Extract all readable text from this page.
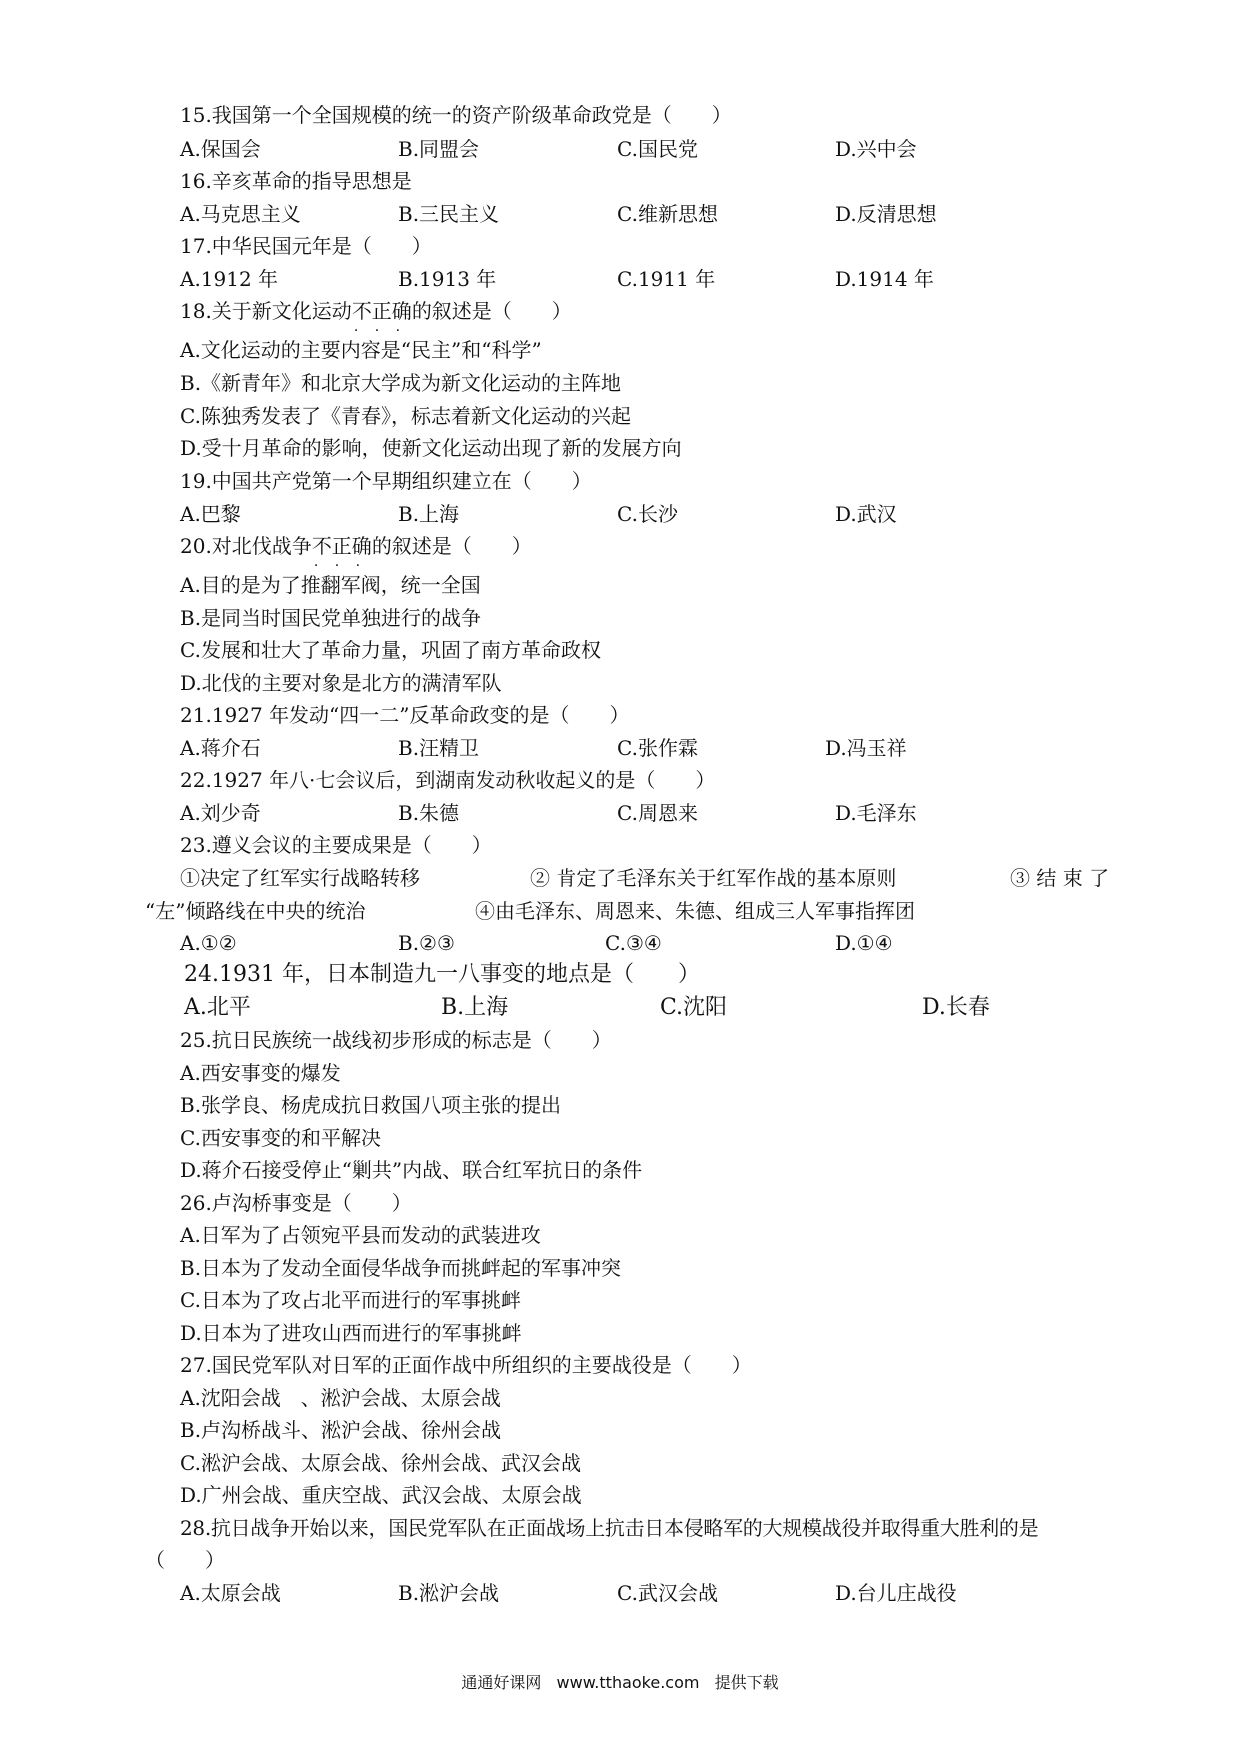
15.我国第一个全国规模的统一的资产阶级革命政党是（　　）
A.保国会	B.同盟会	C.国民党	D.兴中会
16.辛亥革命的指导思想是
A.马克思主义	B.三民主义	C.维新思想	D.反清思想
17.中华民国元年是（　　）
A.1912 年	B.1913 年	C.1911 年	D.1914 年
18.关于新文化运动不正确 · · ·的叙述是（　　）
A.文化运动的主要内容是“民主”和“科学”
B.《新青年》和北京大学成为新文化运动的主阵地
C.陈独秀发表了《青春》，标志着新文化运动的兴起
D.受十月革命的影响，使新文化运动出现了新的发展方向
19.中国共产党第一个早期组织建立在（　　）
A.巴黎	B.上海	C.长沙	D.武汉
20.对北伐战争不正确 · · ·的叙述是（　　）
A.目的是为了推翻军阀，统一全国
B.是同当时国民党单独进行的战争
C.发展和壮大了革命力量，巩固了南方革命政权
D.北伐的主要对象是北方的满清军队
21.1927 年发动“四一二”反革命政变的是（　　）
A.蒋介石	B.汪精卫	C.张作霖	D.冯玉祥
22.1927 年八·七会议后，到湖南发动秋收起义的是（　　）
A.刘少奇	B.朱德	C.周恩来	D.毛泽东
23.遵义会议的主要成果是（　　）
①决定了红军实行战略转移	② 肯定了毛泽东关于红军作战的基本原则	③ 结 束 了
“左”倾路线在中央的统治	④由毛泽东、周恩来、朱德、组成三人军事指挥团
A.①②	B.②③	C.③④	D.①④
24.1931 年，日本制造九一八事变的地点是（　　）
A.北平	B.上海	C.沈阳	D.长春
25.抗日民族统一战线初步形成的标志是（　　）
A.西安事变的爆发
B.张学良、杨虎成抗日救国八项主张的提出
C.西安事变的和平解决
D.蒋介石接受停止“剿共”内战、联合红军抗日的条件
26.卢沟桥事变是（　　）
A.日军为了占领宛平县而发动的武装进攻
B.日本为了发动全面侵华战争而挑衅起的军事冲突
C.日本为了攻占北平而进行的军事挑衅
D.日本为了进攻山西而进行的军事挑衅
27.国民党军队对日军的正面作战中所组织的主要战役是（　　）
A.沈阳会战　、淞沪会战、太原会战
B.卢沟桥战斗、淞沪会战、徐州会战
C.淞沪会战、太原会战、徐州会战、武汉会战
D.广州会战、重庆空战、武汉会战、太原会战
28.抗日战争开始以来，国民党军队在正面战场上抗击日本侵略军的大规模战役并取得重大胜利的是
（　　）
A.太原会战	B.淞沪会战	C.武汉会战	D.台儿庄战役
通通好课网 www.tthaoke.com 提供下载
